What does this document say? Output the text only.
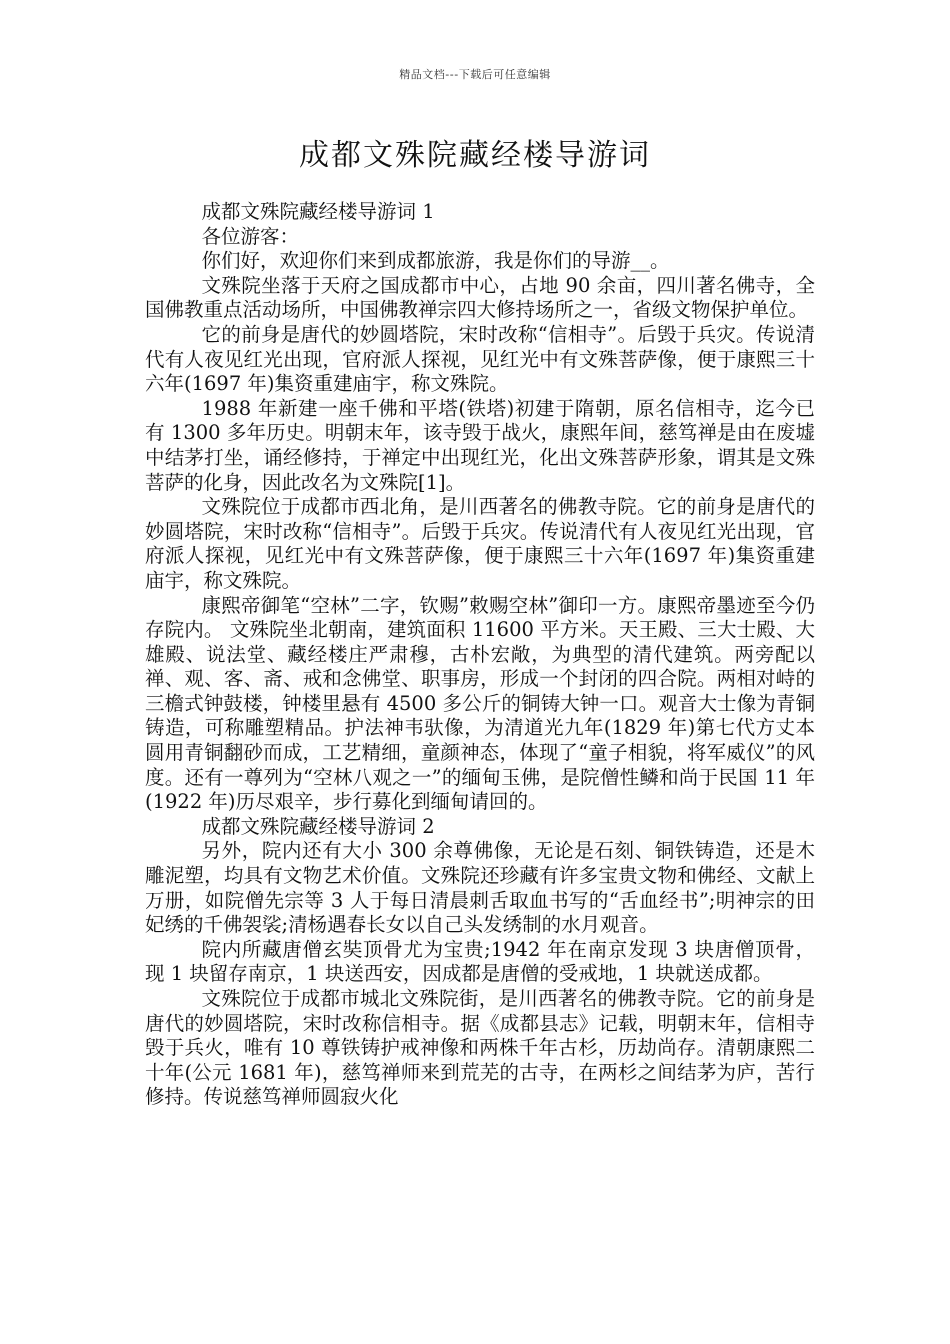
精品文档---下载后可任意编辑
成都文殊院藏经楼导游词

成都文殊院藏经楼导游词 1

各位游客：

你们好，欢迎你们来到成都旅游，我是你们的导游__。

文殊院坐落于天府之国成都市中心，占地 90 余亩，四川著名佛寺，全国佛教重点活动场所，中国佛教禅宗四大修持场所之一，省级文物保护单位。

它的前身是唐代的妙圆塔院，宋时改称“信相寺”。后毁于兵灾。传说清代有人夜见红光出现，官府派人探视，见红光中有文殊菩萨像，便于康熙三十六年(1697 年)集资重建庙宇，称文殊院。

1988 年新建一座千佛和平塔(铁塔)初建于隋朝，原名信相寺，迄今已有 1300 多年历史。明朝末年，该寺毁于战火，康熙年间，慈笃禅是由在废墟中结茅打坐，诵经修持，于禅定中出现红光，化出文殊菩萨形象，谓其是文殊菩萨的化身，因此改名为文殊院[1]。

文殊院位于成都市西北角，是川西著名的佛教寺院。它的前身是唐代的妙圆塔院，宋时改称“信相寺”。后毁于兵灾。传说清代有人夜见红光出现，官府派人探视，见红光中有文殊菩萨像，便于康熙三十六年(1697 年)集资重建庙宇，称文殊院。

康熙帝御笔“空林”二字，钦赐”敕赐空林”御印一方。康熙帝墨迹至今仍存院内。 文殊院坐北朝南，建筑面积 11600 平方米。天王殿、三大士殿、大雄殿、说法堂、藏经楼庄严肃穆，古朴宏敞，为典型的清代建筑。两旁配以禅、观、客、斋、戒和念佛堂、职事房，形成一个封闭的四合院。两相对峙的三檐式钟鼓楼，钟楼里悬有 4500 多公斤的铜铸大钟一口。观音大士像为青铜铸造，可称雕塑精品。护法神韦驮像，为清道光九年(1829 年)第七代方丈本圆用青铜翻砂而成，工艺精细，童颜神态，体现了“童子相貌，将军威仪”的风度。还有一尊列为“空林八观之一”的缅甸玉佛，是院僧性鳞和尚于民国 11 年(1922 年)历尽艰辛，步行募化到缅甸请回的。

成都文殊院藏经楼导游词 2

另外，院内还有大小 300 余尊佛像，无论是石刻、铜铁铸造，还是木雕泥塑，均具有文物艺术价值。文殊院还珍藏有许多宝贵文物和佛经、文献上万册，如院僧先宗等 3 人于每日清晨刺舌取血书写的“舌血经书”;明神宗的田妃绣的千佛袈裟;清杨遇春长女以自己头发绣制的水月观音。

院内所藏唐僧玄奘顶骨尤为宝贵;1942 年在南京发现 3 块唐僧顶骨，现 1 块留存南京，1 块送西安，因成都是唐僧的受戒地，1 块就送成都。

文殊院位于成都市城北文殊院街，是川西著名的佛教寺院。它的前身是唐代的妙圆塔院，宋时改称信相寺。据《成都县志》记载，明朝末年，信相寺毁于兵火，唯有 10 尊铁铸护戒神像和两株千年古杉，历劫尚存。清朝康熙二十年(公元 1681 年)，慈笃禅师来到荒芜的古寺，在两杉之间结茅为庐，苦行修持。传说慈笃禅师圆寂火化
